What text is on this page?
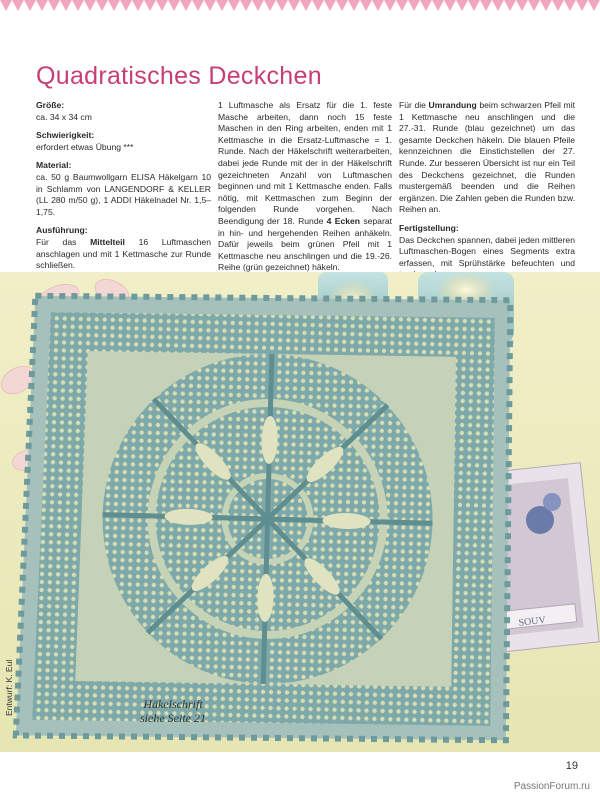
Quadratisches Deckchen

Größe:
ca. 34 x 34 cm

Schwierigkeit:
erfordert etwas Übung ***

Material:
ca. 50 g Baumwollgarn ELISA Häkelgarn 10 in Schlamm von LANGENDORF & KELLER (LL 280 m/50 g), 1 ADDI Häkelnadel Nr. 1,5–1,75.

Ausführung:
Für das Mittelteil 16 Luftmaschen anschlagen und mit 1 Kettmasche zur Runde schließen.

1 Luftmasche als Ersatz für die 1. feste Masche arbeiten, dann noch 15 feste Maschen in den Ring arbeiten, enden mit 1 Kettmasche in die Ersatz-Luftmasche = 1. Runde. Nach der Häkelschrift weiterarbeiten, dabei jede Runde mit der in der Häkelschrift gezeichneten Anzahl von Luftmaschen beginnen und mit 1 Kettmasche enden. Falls nötig, mit Kettmaschen zum Beginn der folgenden Runde vorgehen. Nach Beendigung der 18. Runde 4 Ecken separat in hin- und hergehenden Reihen anhäkeln. Dafür jeweils beim grünen Pfeil mit 1 Kettmasche neu anschlingen und die 19.-26. Reihe (grün gezeichnet) häkeln.

Für die Umrandung beim schwarzen Pfeil mit 1 Kettmasche neu anschlingen und die 27.-31. Runde (blau gezeichnet) um das gesamte Deckchen häkeln. Die blauen Pfeile kennzeichnen die Einstichstellen der 27. Runde. Zur besseren Übersicht ist nur ein Teil des Deckchens gezeichnet, die Runden mustergemäß beenden und die Reihen ergänzen. Die Zahlen geben die Runden bzw. Reihen an.

Fertigstellung:
Das Deckchen spannen, dabei jeden mittleren Luftmaschen-Bogen eines Segments extra erfassen, mit Sprühstärke befeuchten und

SOUV
Entwurf: K. Eul	Häkelschrift
siehe Seite 21
19
PassionForum.ru
